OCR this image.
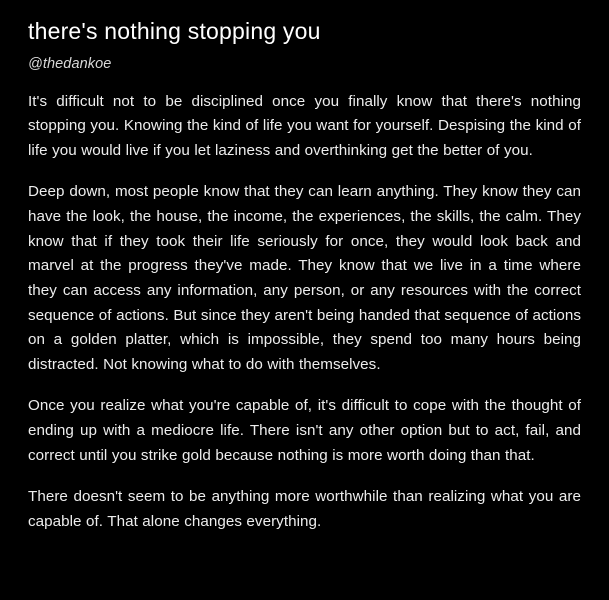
there's nothing stopping you
@thedankoe

It's difficult not to be disciplined once you finally know that there's nothing stopping you. Knowing the kind of life you want for yourself. Despising the kind of life you would live if you let laziness and overthinking get the better of you.

Deep down, most people know that they can learn anything. They know they can have the look, the house, the income, the experiences, the skills, the calm. They know that if they took their life seriously for once, they would look back and marvel at the progress they've made. They know that we live in a time where they can access any information, any person, or any resources with the correct sequence of actions. But since they aren't being handed that sequence of actions on a golden platter, which is impossible, they spend too many hours being distracted. Not knowing what to do with themselves.

Once you realize what you're capable of, it's difficult to cope with the thought of ending up with a mediocre life. There isn't any other option but to act, fail, and correct until you strike gold because nothing is more worth doing than that.

There doesn't seem to be anything more worthwhile than realizing what you are capable of. That alone changes everything.
